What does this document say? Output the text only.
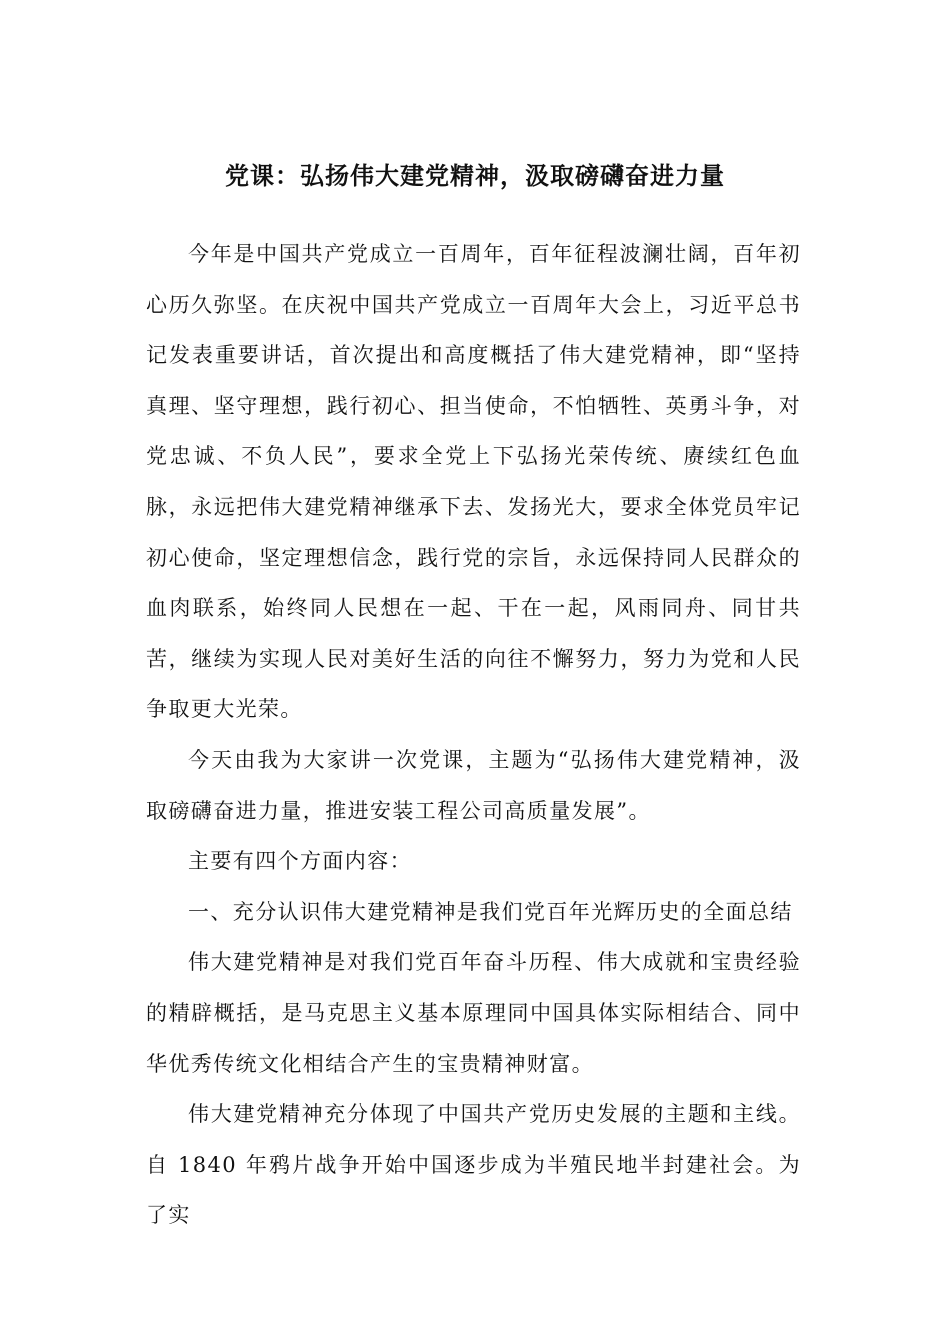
党课：弘扬伟大建党精神，汲取磅礴奋进力量

今年是中国共产党成立一百周年，百年征程波澜壮阔，百年初心历久弥坚。在庆祝中国共产党成立一百周年大会上，习近平总书记发表重要讲话，首次提出和高度概括了伟大建党精神，即“坚持真理、坚守理想，践行初心、担当使命，不怕牺牲、英勇斗争，对党忠诚、不负人民”，要求全党上下弘扬光荣传统、赓续红色血脉，永远把伟大建党精神继承下去、发扬光大，要求全体党员牢记初心使命，坚定理想信念，践行党的宗旨，永远保持同人民群众的血肉联系，始终同人民想在一起、干在一起，风雨同舟、同甘共苦，继续为实现人民对美好生活的向往不懈努力，努力为党和人民争取更大光荣。

今天由我为大家讲一次党课，主题为“弘扬伟大建党精神，汲取磅礴奋进力量，推进安装工程公司高质量发展”。

主要有四个方面内容：

一、充分认识伟大建党精神是我们党百年光辉历史的全面总结

伟大建党精神是对我们党百年奋斗历程、伟大成就和宝贵经验的精辟概括，是马克思主义基本原理同中国具体实际相结合、同中华优秀传统文化相结合产生的宝贵精神财富。

伟大建党精神充分体现了中国共产党历史发展的主题和主线。自 1840 年鸦片战争开始中国逐步成为半殖民地半封建社会。为了实
